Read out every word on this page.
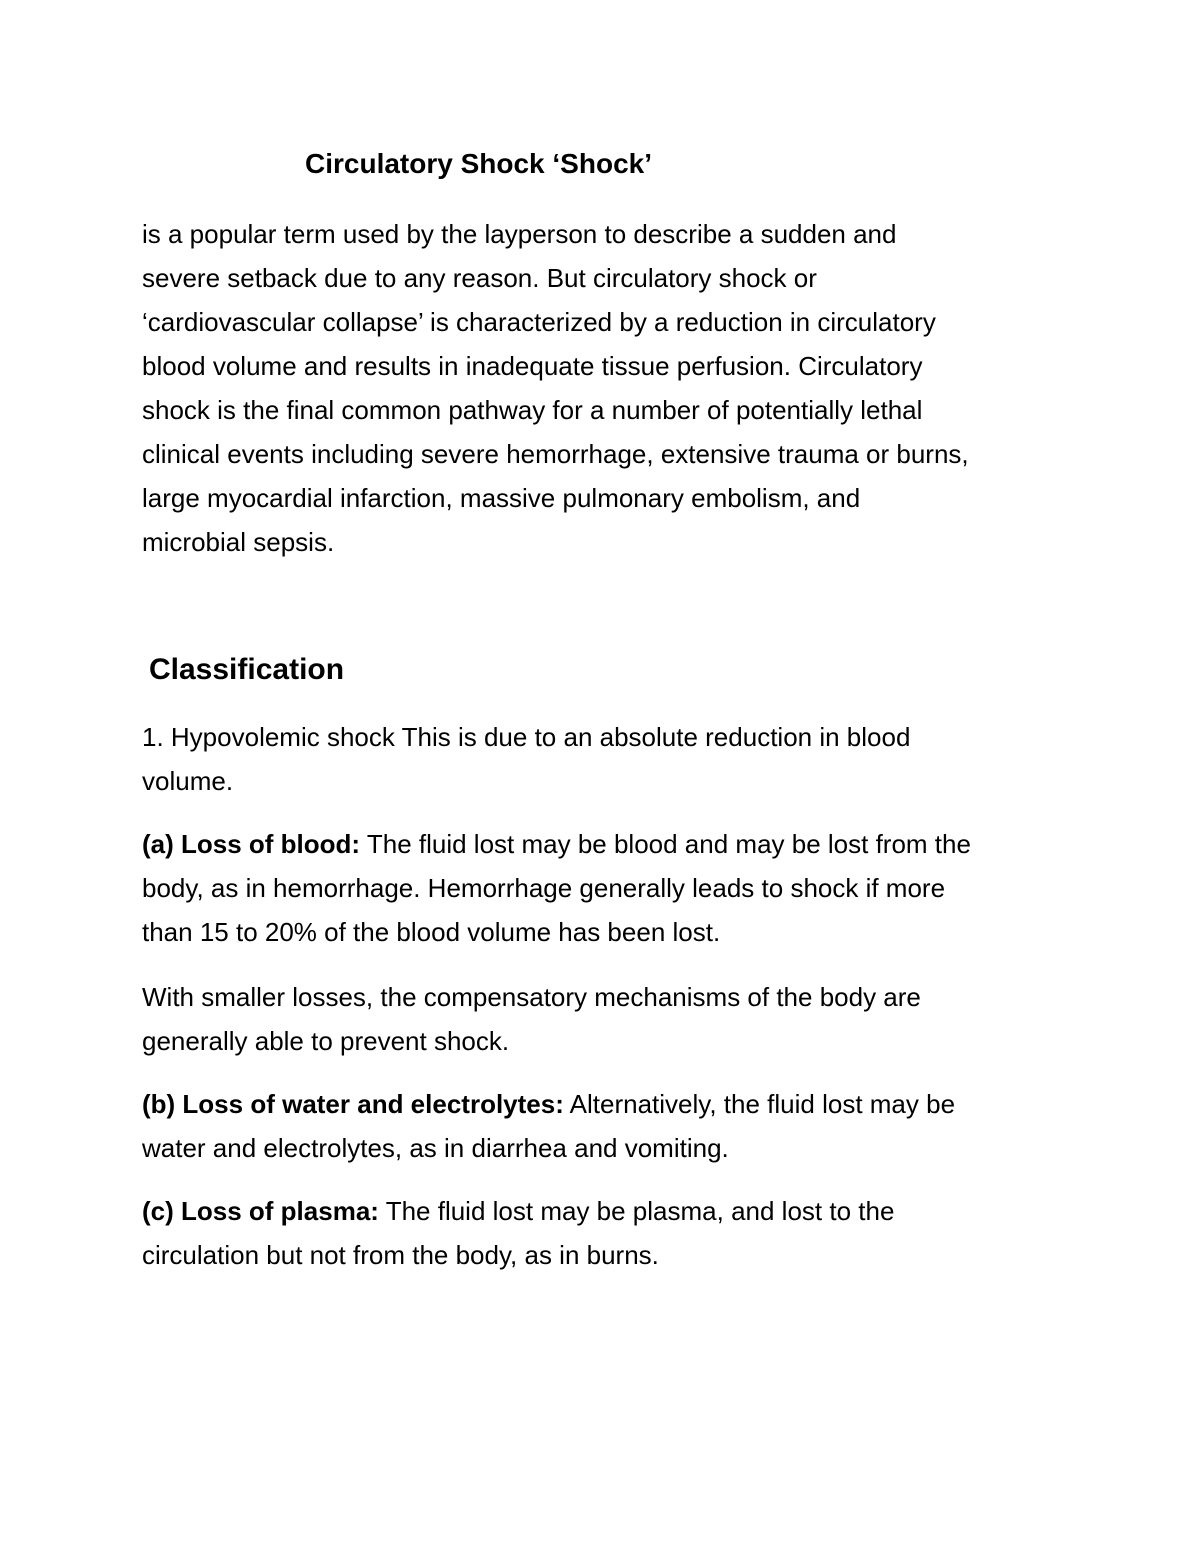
Circulatory Shock ‘Shock’
is a popular term used by the layperson to describe a sudden and
severe setback due to any reason. But circulatory shock or
‘cardiovascular collapse’ is characterized by a reduction in circulatory
blood volume and results in inadequate tissue perfusion. Circulatory
shock is the final common pathway for a number of potentially lethal
clinical events including severe hemorrhage, extensive trauma or burns,
large myocardial infarction, massive pulmonary embolism, and
microbial sepsis.
Classification
1. Hypovolemic shock This is due to an absolute reduction in blood
volume.
(a) Loss of blood: The fluid lost may be blood and may be lost from the
body, as in hemorrhage. Hemorrhage generally leads to shock if more
than 15 to 20% of the blood volume has been lost.
With smaller losses, the compensatory mechanisms of the body are
generally able to prevent shock.
(b) Loss of water and electrolytes: Alternatively, the fluid lost may be
water and electrolytes, as in diarrhea and vomiting.
(c) Loss of plasma: The fluid lost may be plasma, and lost to the
circulation but not from the body, as in burns.
